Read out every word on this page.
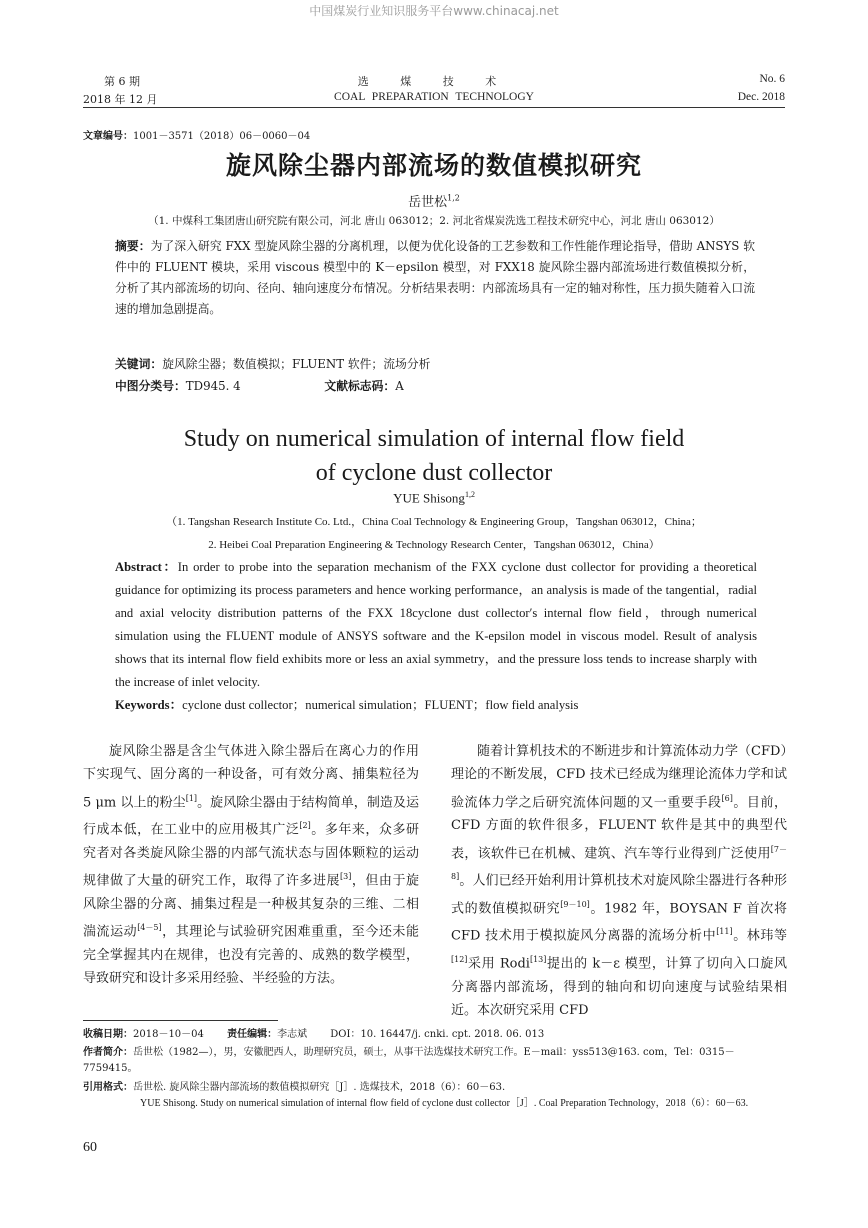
中国煤炭行业知识服务平台www.chinacaj.net
第 6 期
2018 年 12 月
选 煤 技 术
COAL PREPARATION TECHNOLOGY
No. 6
Dec. 2018
文章编号：1001－3571（2018）06－0060－04
旋风除尘器内部流场的数值模拟研究
岳世松$^{1,2}$
（1. 中煤科工集团唐山研究院有限公司，河北 唐山 063012；2. 河北省煤炭洗选工程技术研究中心，河北 唐山 063012）
摘要：为了深入研究 FXX 型旋风除尘器的分离机理，以便为优化设备的工艺参数和工作性能作理论指导，借助 ANSYS 软件中的 FLUENT 模块，采用 viscous 模型中的 K－epsilon 模型，对 FXX18 旋风除尘器内部流场进行数值模拟分析，分析了其内部流场的切向、径向、轴向速度分布情况。分析结果表明：内部流场具有一定的轴对称性，压力损失随着入口流速的增加急剧提高。
关键词：旋风除尘器；数值模拟；FLUENT 软件；流场分析
中图分类号：TD945. 4	文献标志码：A
Study on numerical simulation of internal flow field
of cyclone dust collector
YUE Shisong$^{1,2}$
（1. Tangshan Research Institute Co. Ltd.，China Coal Technology & Engineering Group，Tangshan 063012，China；
2. Heibei Coal Preparation Engineering & Technology Research Center，Tangshan 063012，China）
Abstract：In order to probe into the separation mechanism of the FXX cyclone dust collector for providing a theoretical guidance for optimizing its process parameters and hence working performance，an analysis is made of the tangential，radial and axial velocity distribution patterns of the FXX 18cyclone dust collector′s internal flow field，through numerical simulation using the FLUENT module of ANSYS software and the K-epsilon model in viscous model. Result of analysis shows that its internal flow field exhibits more or less an axial symmetry，and the pressure loss tends to increase sharply with the increase of inlet velocity.
Keywords：cyclone dust collector；numerical simulation；FLUENT；flow field analysis

旋风除尘器是含尘气体进入除尘器后在离心力的作用下实现气、固分离的一种设备，可有效分离、捕集粒径为 5 μm 以上的粉尘[1]。旋风除尘器由于结构简单，制造及运行成本低，在工业中的应用极其广泛[2]。多年来，众多研究者对各类旋风除尘器的内部气流状态与固体颗粒的运动规律做了大量的研究工作，取得了许多进展[3]，但由于旋风除尘器的分离、捕集过程是一种极其复杂的三维、二相湍流运动[4－5]，其理论与试验研究困难重重，至今还未能完全掌握其内在规律，也没有完善的、成熟的数学模型，导致研究和设计多采用经验、半经验的方法。

随着计算机技术的不断进步和计算流体动力学（CFD）理论的不断发展，CFD 技术已经成为继理论流体力学和试验流体力学之后研究流体问题的又一重要手段[6]。目前，CFD 方面的软件很多，FLUENT 软件是其中的典型代表，该软件已在机械、建筑、汽车等行业得到广泛使用[7－8]。人们已经开始利用计算机技术对旋风除尘器进行各种形式的数值模拟研究[9－10]。1982 年，BOYSAN F 首次将 CFD 技术用于模拟旋风分离器的流场分析中[11]。林玮等[12]采用 Rodi[13]提出的 k－ε 模型，计算了切向入口旋风分离器内部流场，得到的轴向和切向速度与试验结果相近。本次研究采用 CFD

收稿日期：2018－10－04 责任编辑：李志斌 DOI：10. 16447/j. cnki. cpt. 2018. 06. 013
作者简介：岳世松（1982—），男，安徽肥西人，助理研究员，硕士，从事干法选煤技术研究工作。E－mail：yss513@163. com，Tel：0315－7759415。
引用格式：岳世松. 旋风除尘器内部流场的数值模拟研究［J］. 选煤技术，2018（6）：60－63.
YUE Shisong. Study on numerical simulation of internal flow field of cyclone dust collector［J］. Coal Preparation Technology，2018（6）：60－63.
60
